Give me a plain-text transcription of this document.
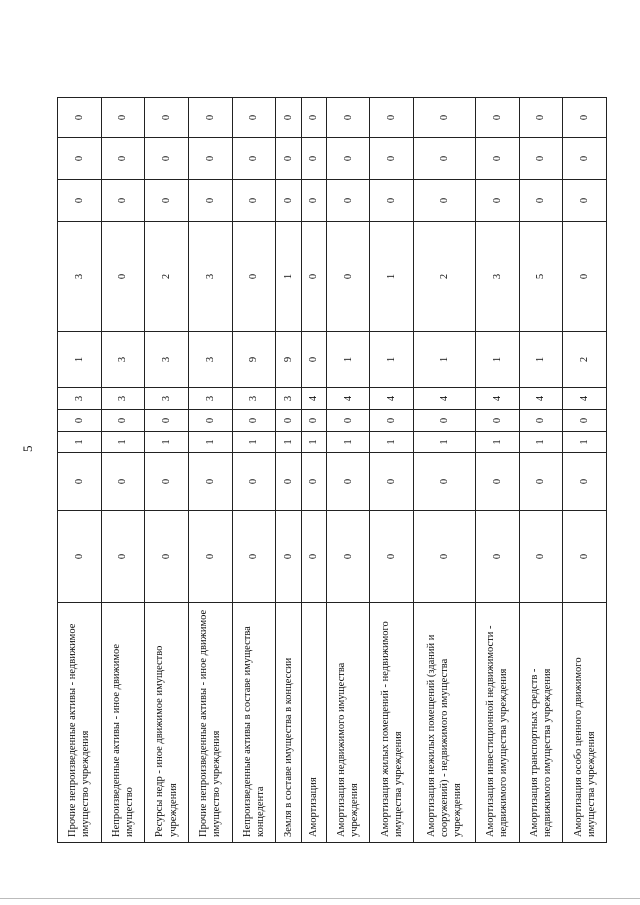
5
Прочие непроизведенные активы - недвижимое имущество учреждения	0	0	1	0	3	1	3	0	0	0
Непроизведенные активы - иное движимое имущество	0	0	1	0	3	3	0	0	0	0
Ресурсы недр - иное движимое имущество учреждения	0	0	1	0	3	3	2	0	0	0
Прочие непроизведенные активы - иное движимое имущество учреждения	0	0	1	0	3	3	3	0	0	0
Непроизведенные активы в составе имущества концедента	0	0	1	0	3	9	0	0	0	0
Земля в составе имущества в концессии	0	0	1	0	3	9	1	0	0	0
Амортизация	0	0	1	0	4	0	0	0	0	0
Амортизация недвижимого имущества учреждения	0	0	1	0	4	1	0	0	0	0
Амортизация жилых помещений - недвижимого имущества учреждения	0	0	1	0	4	1	1	0	0	0
Амортизация нежилых помещений (зданий и сооружений) - недвижимого имущества учреждения	0	0	1	0	4	1	2	0	0	0
Амортизация инвестиционной недвижимости - недвижимого имущества учреждения	0	0	1	0	4	1	3	0	0	0
Амортизация транспортных средств - недвижимого имущества учреждения	0	0	1	0	4	1	5	0	0	0
Амортизация особо ценного движимого имущества учреждения	0	0	1	0	4	2	0	0	0	0
